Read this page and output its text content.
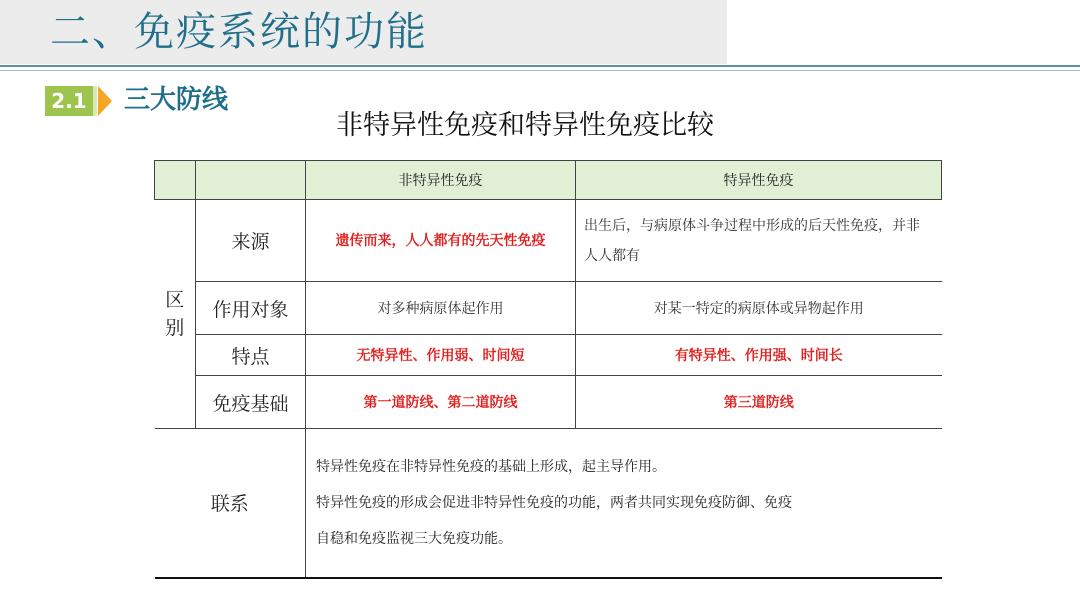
二、免疫系统的功能
2.1 三大防线
非特异性免疫和特异性免疫比较
		非特异性免疫	特异性免疫
区别	来源	遗传而来，人人都有的先天性免疫	出生后，与病原体斗争过程中形成的后天性免疫，并非人人都有
	作用对象	对多种病原体起作用	对某一特定的病原体或异物起作用
	特点	无特异性、作用弱、时间短	有特异性、作用强、时间长
	免疫基础	第一道防线、第二道防线	第三道防线
联系		特异性免疫在非特异性免疫的基础上形成，起主导作用。
特异性免疫的形成会促进非特异性免疫的功能，两者共同实现免疫防御、免疫
自稳和免疫监视三大免疫功能。	
